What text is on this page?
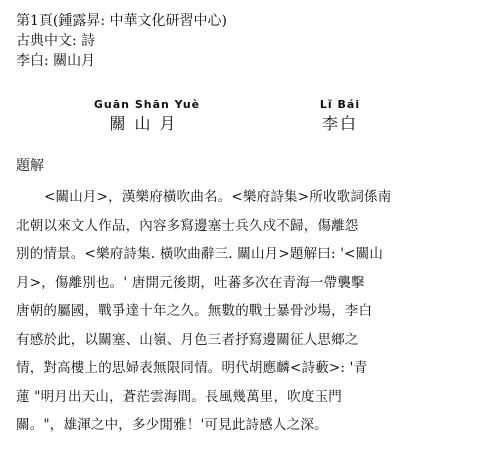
第1頁(鍾露昇: 中華文化研習中心)
古典中文: 詩
李白: 關山月
Guān Shān Yuè
關山月
Lǐ Bái
李白
題解
<關山月>，漢樂府橫吹曲名。<樂府詩集>所收歌詞係南
北朝以來文人作品，內容多寫邊塞士兵久戍不歸，傷離怨
別的情景。<樂府詩集. 橫吹曲辭三. 關山月>題解曰: '<關山
月>，傷離別也。' 唐開元後期，吐蕃多次在青海一帶襲擊
唐朝的屬國，戰爭達十年之久。無數的戰士暴骨沙場，李白
有感於此，以關塞、山嶺、月色三者抒寫邊關征人思鄉之
情，對高樓上的思婦表無限同情。明代胡應麟<詩藪>: '青
蓮 "明月出天山，蒼茫雲海間。長風幾萬里，吹度玉門
關。"，雄渾之中，多少閒雅！'可見此詩感人之深。
